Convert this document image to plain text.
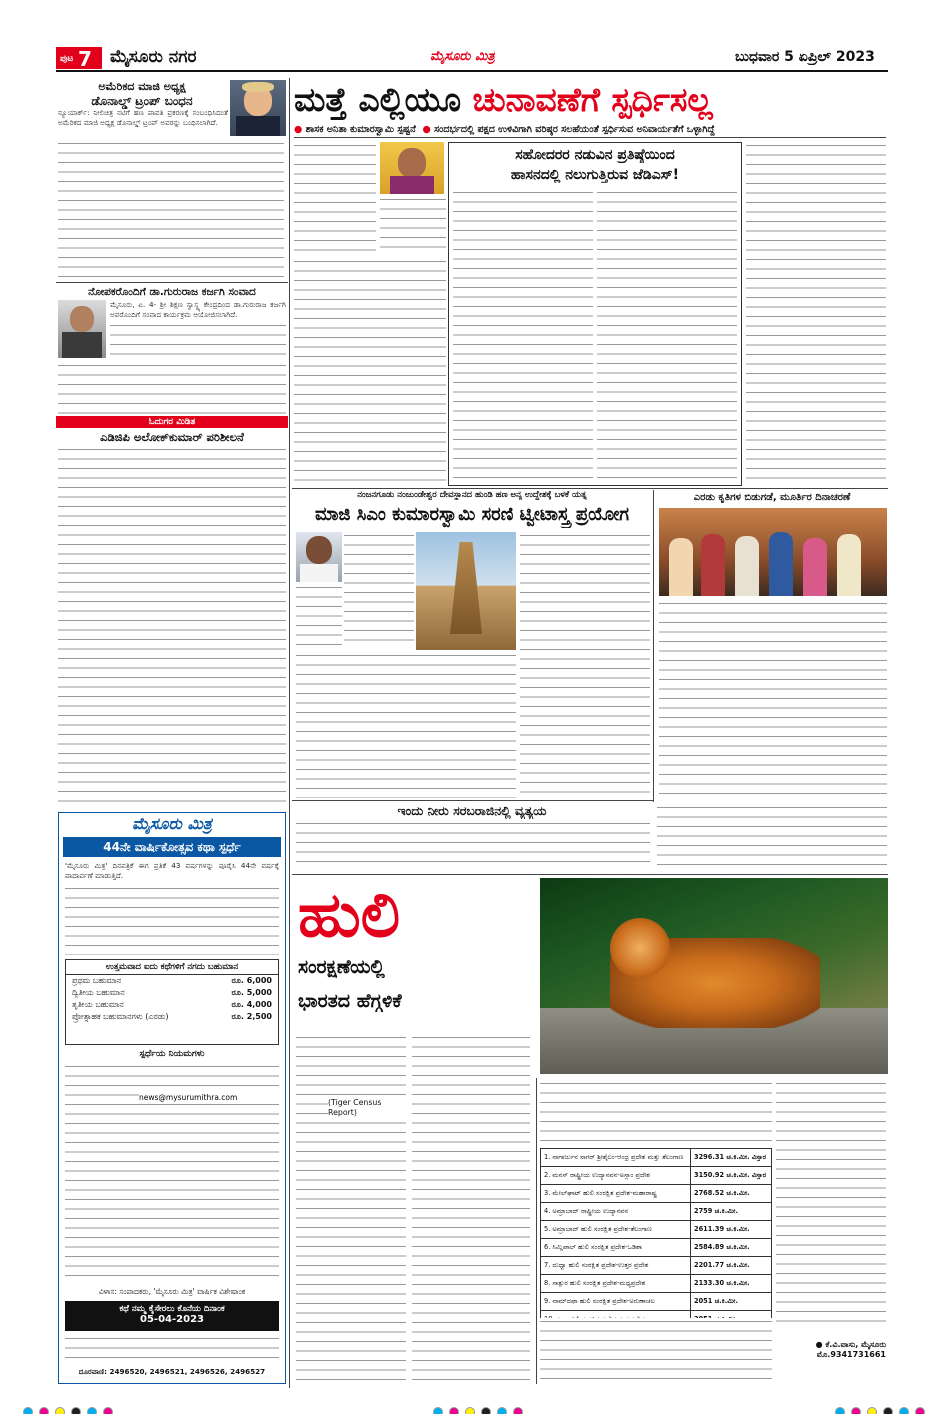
ಪುಟ 7 ಮೈಸೂರು ನಗರ	ಮೈಸೂರು ಮಿತ್ರ	ಬುಧವಾರ 5 ಏಪ್ರಿಲ್ 2023
ಅಮೆರಿಕದ ಮಾಜಿ ಅಧ್ಯಕ್ಷ
ಡೊನಾಲ್ಡ್ ಟ್ರಂಪ್ ಬಂಧನ
ನ್ಯೂಯಾರ್ಕ್: ನೀಲಿಚಿತ್ರ ನಟಿಗೆ ಹಣ ಪಾವತಿ ಪ್ರಕರಣಕ್ಕೆ ಸಂಬಂಧಿಸಿದಂತೆ ಅಮೆರಿಕದ ಮಾಜಿ ಅಧ್ಯಕ್ಷ ಡೊನಾಲ್ಡ್ ಟ್ರಂಪ್ ಅವರನ್ನು ಬಂಧಿಸಲಾಗಿದೆ.
ನೋಪಕರೊಂದಿಗೆ ಡಾ.ಗುರುರಾಜ ಕರ್ಜಗಿ ಸಂವಾದ
ಮೈಸೂರು, ಏ. 4- ಶ್ರೀ ಶಿಕ್ಷಣ ಸ್ವಾಸ್ಥ್ಯ ಕೇಂದ್ರದಿಂದ ಡಾ.ಗುರುರಾಜ ಕರ್ಜಗಿ ಅವರೊಂದಿಗೆ ಸಂವಾದ ಕಾರ್ಯಕ್ರಮ ಆಯೋಜಿಸಲಾಗಿದೆ.
ಓದುಗರ ಮಿಡಿತ
ಎಡಿಜಿಪಿ ಅಲೋಕ್‌ಕುಮಾರ್ ಪರಿಶೀಲನೆ
ಮೈಸೂರು ಮಿತ್ರ
44ನೇ ವಾರ್ಷಿಕೋತ್ಸವ ಕಥಾ ಸ್ಪರ್ಧೆ
'ಮೈಸೂರು ಮಿತ್ರ' ದಿನಪತ್ರಿಕೆ ಈಗ ಪ್ರತಿಕೆ 43 ವರ್ಷಗಳನ್ನು ಪೂರೈಸಿ 44ನೇ ವರ್ಷಕ್ಕೆ ಪಾದಾರ್ಪಣೆ ಮಾಡುತ್ತಿದೆ.
ಉತ್ತಮವಾದ ಐದು ಕಥೆಗಳಿಗೆ ನಗದು ಬಹುಮಾನ
ಪ್ರಥಮ ಬಹುಮಾನ	ರೂ. 6,000
ದ್ವಿತೀಯ ಬಹುಮಾನ	ರೂ. 5,000
ತೃತೀಯ ಬಹುಮಾನ	ರೂ. 4,000
ಪ್ರೋತ್ಸಾಹಕ ಬಹುಮಾನಗಳು (ಎರಡು)	ರೂ. 2,500
ಸ್ಪರ್ಧೆಯ ನಿಯಮಗಳು
news@mysurumithra.com
ವಿಳಾಸ: ಸಂಪಾದಕರು, 'ಮೈಸೂರು ಮಿತ್ರ' ವಾರ್ಷಿಕ ವಿಶೇಷಾಂಕ
ಕಥೆ ನಮ್ಮ ಕೈಸೇರಲು ಕೊನೆಯ ದಿನಾಂಕ
05-04-2023
ದೂರವಾಣಿ: 2496520, 2496521, 2496526, 2496527
ಮತ್ತೆ ಎಲ್ಲಿಯೂ ಚುನಾವಣೆಗೆ ಸ್ಪರ್ಧಿಸಲ್ಲ
● ಶಾಸಕ ಅನಿತಾ ಕುಮಾರಸ್ವಾಮಿ ಸ್ಪಷ್ಟನೆ ● ಸಂದರ್ಭದಲ್ಲಿ ಪಕ್ಷದ ಉಳಿವಿಗಾಗಿ ವರಿಷ್ಠರ ಸಲಹೆಯಂತೆ ಸ್ಪರ್ಧಿಸುವ ಅನಿವಾರ್ಯತೆಗೆ ಒಳ್ಳಾಗಿದ್ದೆ
ಸಹೋದರರ ನಡುವಿನ ಪ್ರತಿಷ್ಠೆಯಿಂದ
ಹಾಸನದಲ್ಲಿ ನಲುಗುತ್ತಿರುವ ಜೆಡಿಎಸ್!
ನಂಜನಗೂಡು ನಂಜುಂಡೇಶ್ವರ ದೇವಸ್ಥಾನದ ಹುಂಡಿ ಹಣ ಅನ್ಯ ಉದ್ದೇಶಕ್ಕೆ ಬಳಕೆ ಯತ್ನ
ಮಾಜಿ ಸಿಎಂ ಕುಮಾರಸ್ವಾಮಿ ಸರಣಿ ಟ್ವೀಟಾಸ್ತ್ರ ಪ್ರಯೋಗ
ಎರಡು ಕೃತಿಗಳ ಬಿಡುಗಡೆ, ಮೂರ್ತಿರ ದಿನಾಚರಣೆ
ಇಂದು ನೀರು ಸರಬರಾಜಿನಲ್ಲಿ ವ್ಯತ್ಯಯ
ಹುಲಿ
ಸಂರಕ್ಷಣೆಯಲ್ಲಿ
ಭಾರತದ ಹೆಗ್ಗಳಿಕೆ
(Tiger Census Report)
1. ನಾಗಾರ್ಜುನ ಸಾಗರ್ ಶ್ರೀಶೈಲಂ-ಆಂಧ್ರ ಪ್ರದೇಶ ಮತ್ತು ತೆಲಂಗಾಣ	3296.31 ಚ.ಕಿ.ಮೀ. ವಿಸ್ತಾರ
2. ಮನಸ್ ರಾಷ್ಟ್ರೀಯ ಉದ್ಯಾನವನ-ಅಸ್ಸಾಂ ಪ್ರದೇಶ	3150.92 ಚ.ಕಿ.ಮೀ. ವಿಸ್ತಾರ
3. ಮೇಲ್‌ಘಾಟ್ ಹುಲಿ ಸಂರಕ್ಷಿತ ಪ್ರದೇಶ-ಮಹಾರಾಷ್ಟ್ರ	2768.52 ಚ.ಕಿ.ಮೀ.
4. ಅಮ್ರಾಬಾದ್ ರಾಷ್ಟ್ರೀಯ ಉದ್ಯಾನವನ	2759 ಚ.ಕಿ.ಮೀ.
5. ಅಮ್ರಾಬಾದ್ ಹುಲಿ ಸಂರಕ್ಷಿತ ಪ್ರದೇಶ-ತೆಲಂಗಾಣ	2611.39 ಚ.ಕಿ.ಮೀ.
6. ಸಿಮ್ಲಿಪಾಲ್ ಹುಲಿ ಸಂರಕ್ಷಿತ ಪ್ರದೇಶ-ಒಡಿಶಾ	2584.89 ಚ.ಕಿ.ಮೀ.
7. ದುಧ್ವಾ ಹುಲಿ ಸಂರಕ್ಷಿತ ಪ್ರದೇಶ-ಉತ್ತರ ಪ್ರದೇಶ	2201.77 ಚ.ಕಿ.ಮೀ.
8. ಸಾತ್ಪುರ ಹುಲಿ ಸಂರಕ್ಷಿತ ಪ್ರದೇಶ-ಮಧ್ಯಪ್ರದೇಶ	2133.30 ಚ.ಕಿ.ಮೀ.
9. ನಾಮ್‌ದಫಾ ಹುಲಿ ಸಂರಕ್ಷಿತ ಪ್ರದೇಶ-ಅರುಣಾಚಲ	2051 ಚ.ಕಿ.ಮೀ.

● ಕೆ.ವಿ.ವಾಸು, ಮೈಸೂರು
ಮೊ.9341731661
